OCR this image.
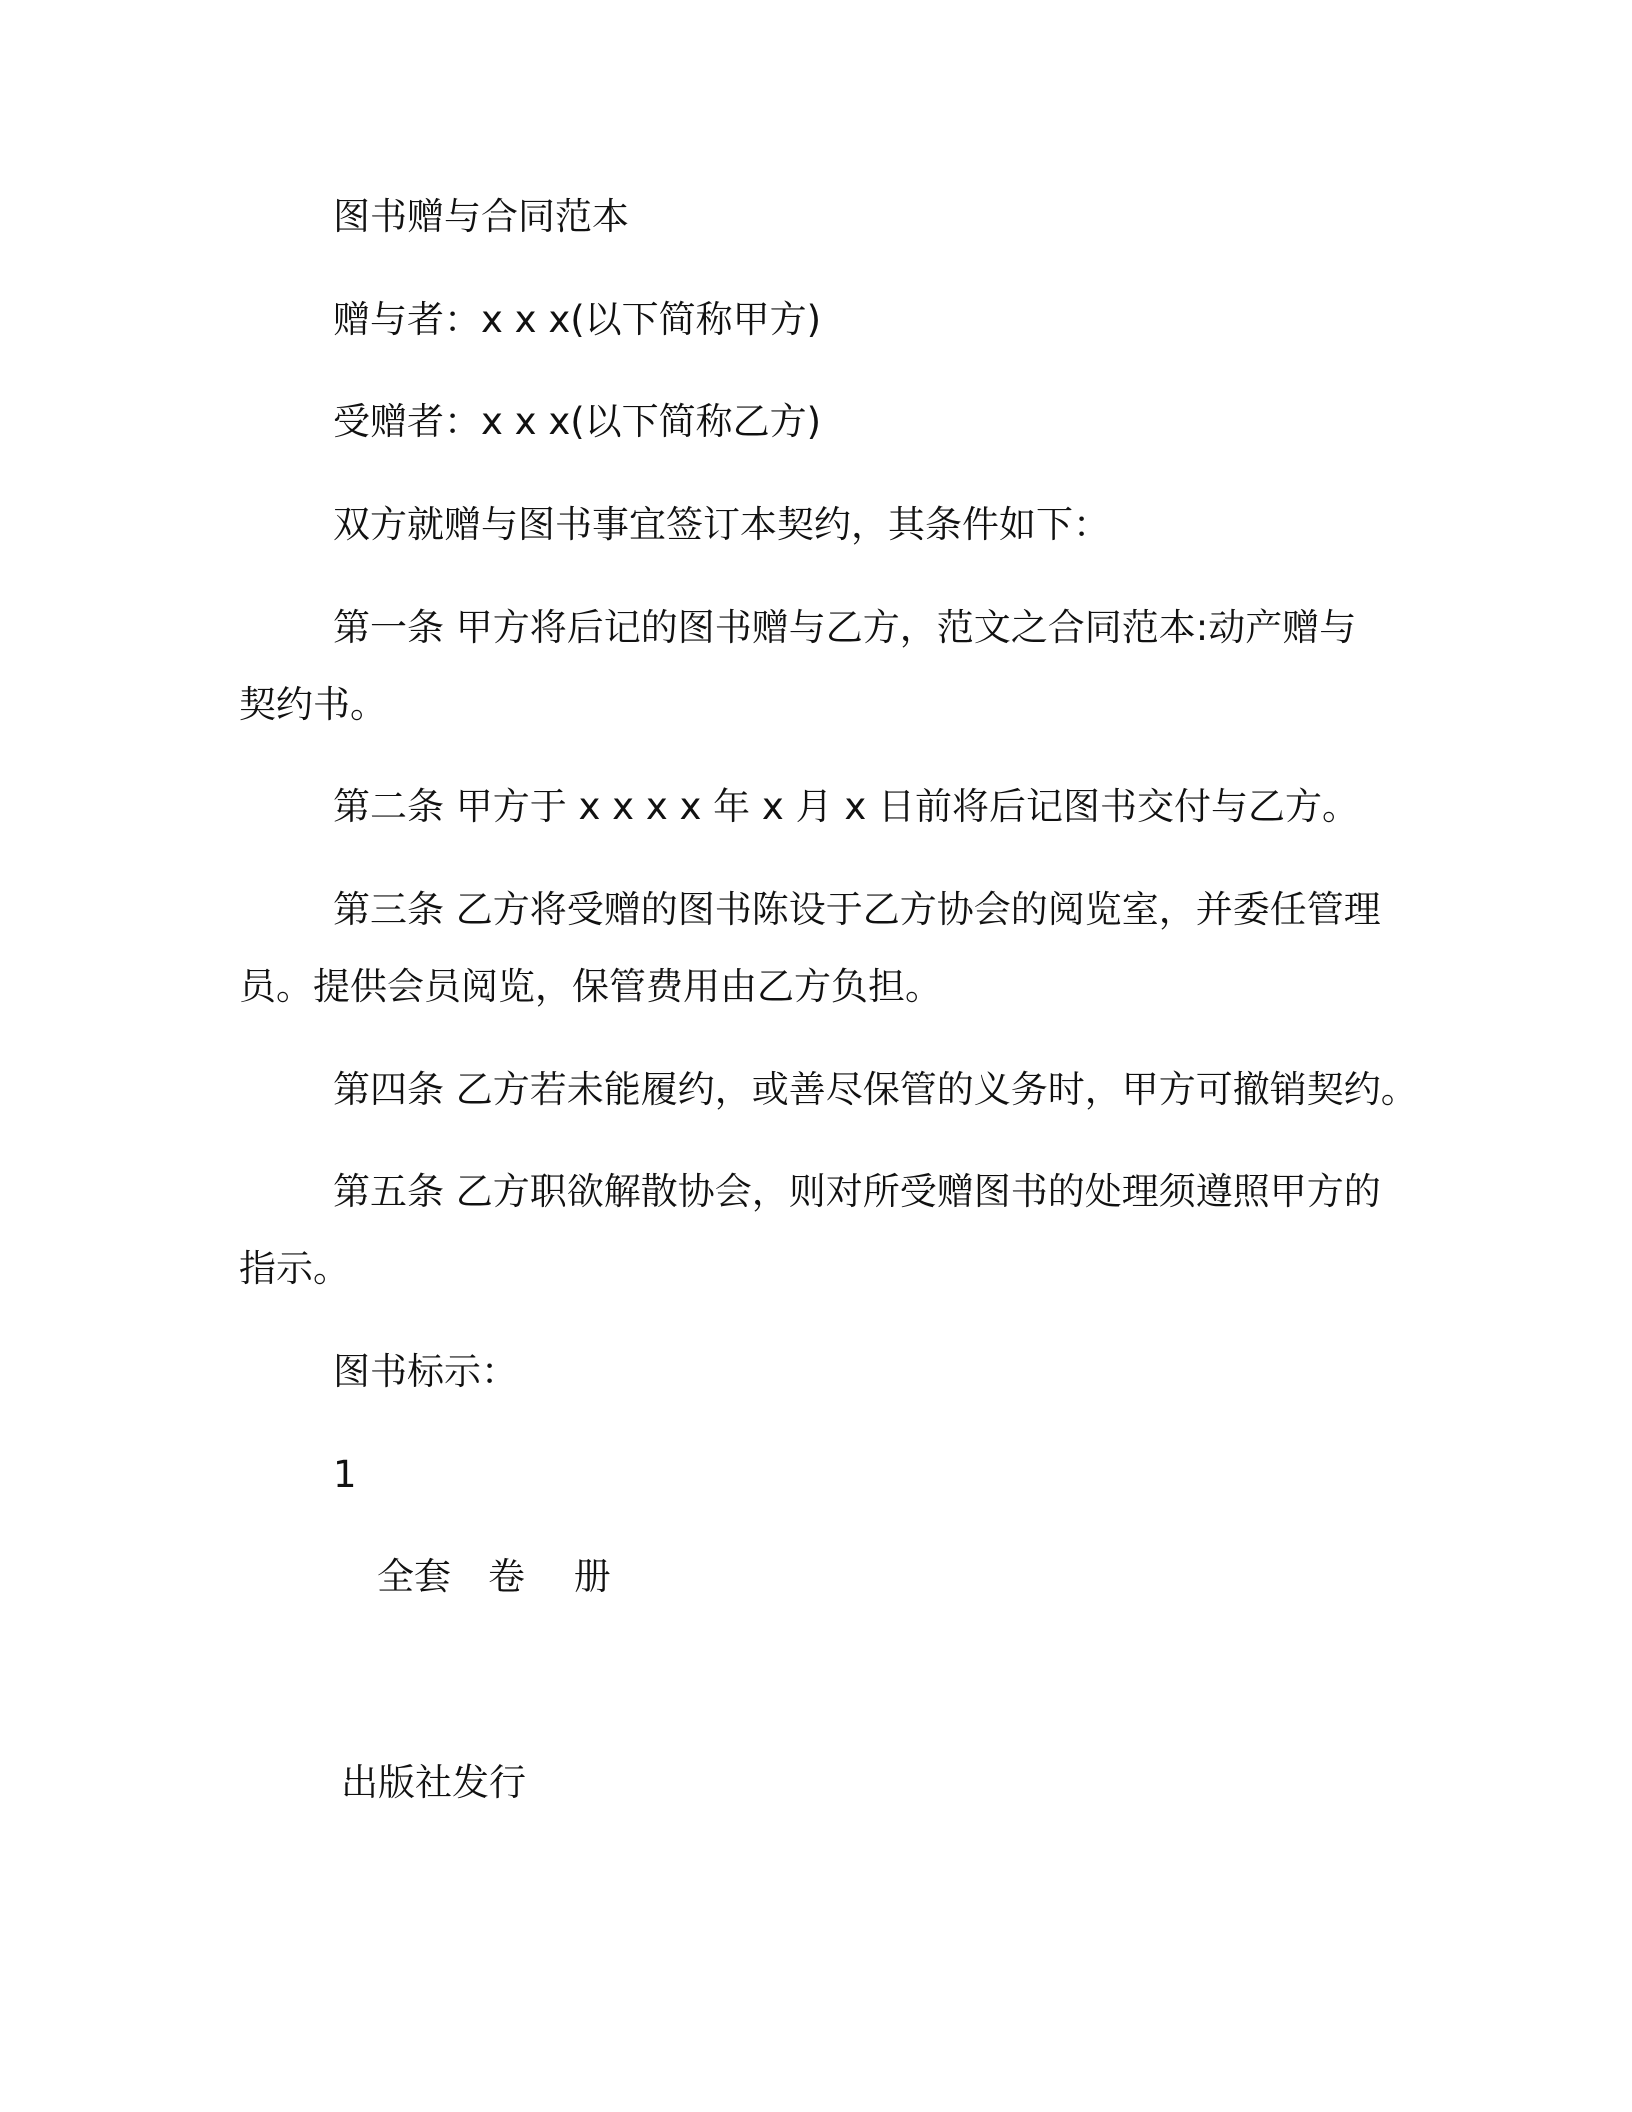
图书赠与合同范本
赠与者：x x x(以下简称甲方)
受赠者：x x x(以下简称乙方)
双方就赠与图书事宜签订本契约，其条件如下：
第一条 甲方将后记的图书赠与乙方，范文之合同范本:动产赠与
契约书。
第二条 甲方于 x x x x 年 x 月 x 日前将后记图书交付与乙方。
第三条 乙方将受赠的图书陈设于乙方协会的阅览室，并委任管理
员。提供会员阅览，保管费用由乙方负担。
第四条 乙方若未能履约，或善尽保管的义务时，甲方可撤销契约。
第五条 乙方职欲解散协会，则对所受赠图书的处理须遵照甲方的
指示。
图书标示：
1
全套　卷　 册
出版社发行
